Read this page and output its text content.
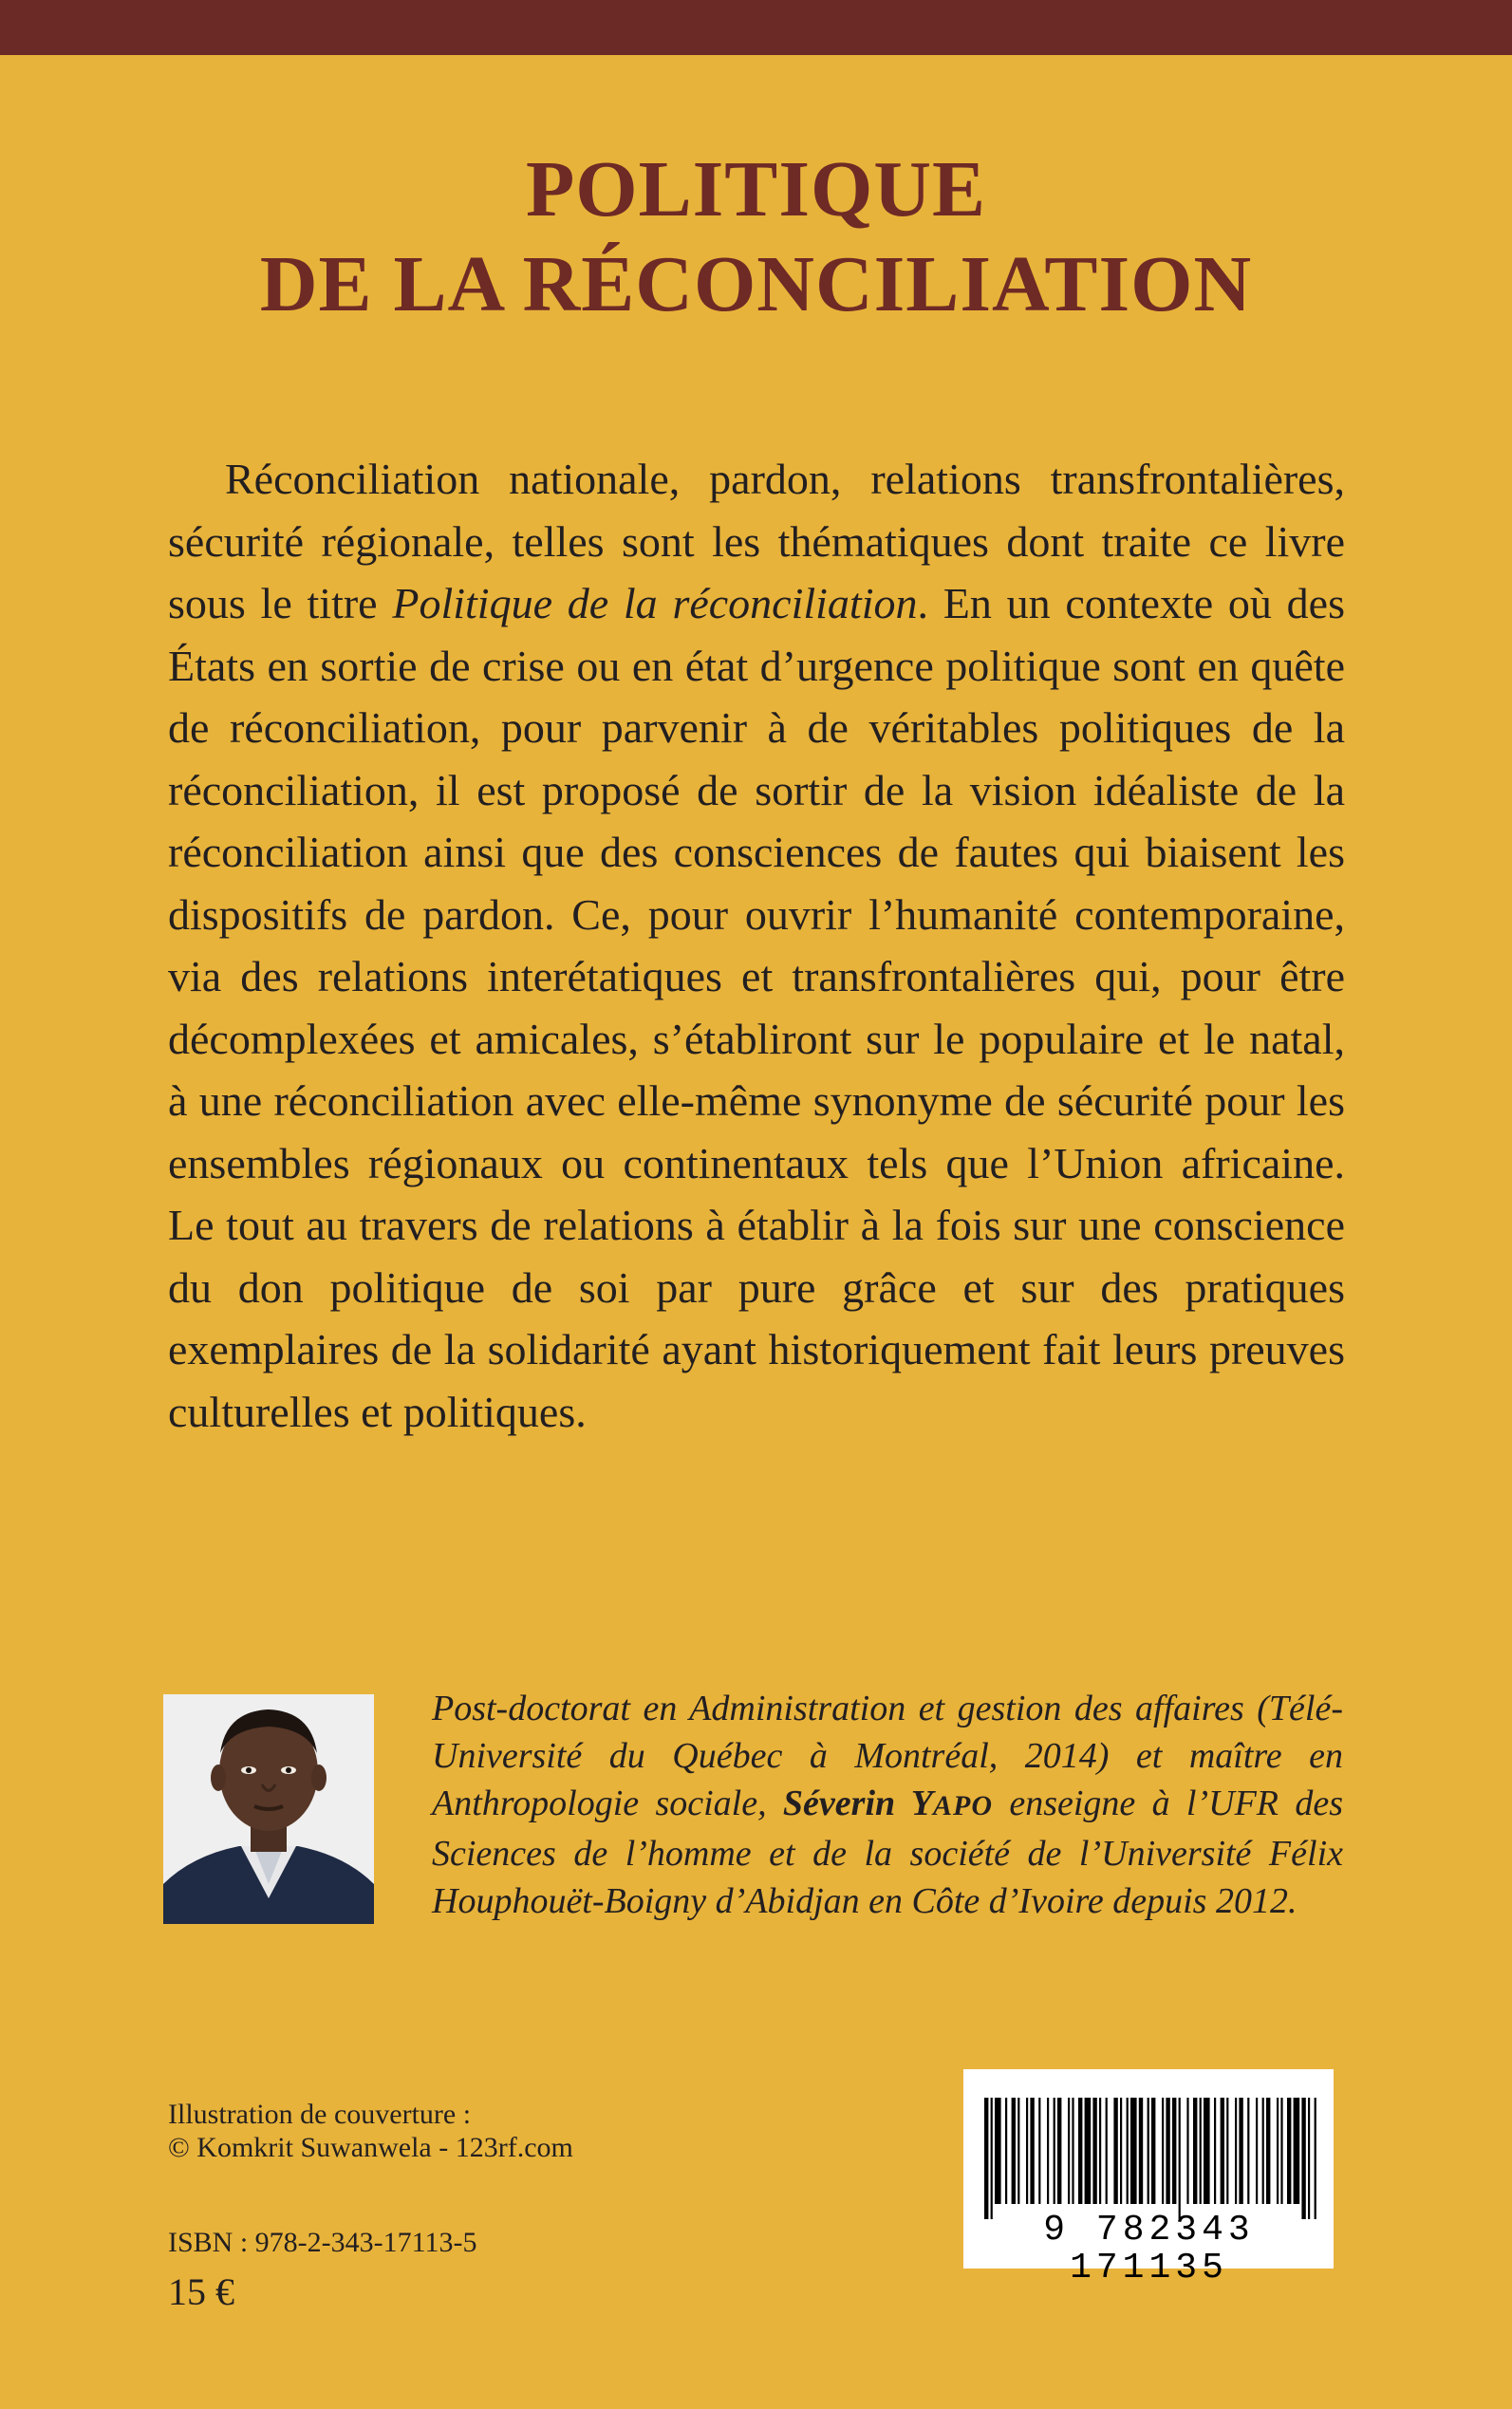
POLITIQUE
DE LA RÉCONCILIATION

Réconciliation nationale, pardon, relations transfrontalières, sécurité régionale, telles sont les thématiques dont traite ce livre sous le titre Politique de la réconciliation. En un contexte où des États en sortie de crise ou en état d’urgence politique sont en quête de réconciliation, pour parvenir à de véritables politiques de la réconciliation, il est proposé de sortir de la vision idéaliste de la réconciliation ainsi que des consciences de fautes qui biaisent les dispositifs de pardon. Ce, pour ouvrir l’humanité contemporaine, via des relations interétatiques et transfrontalières qui, pour être décomplexées et amicales, s’établiront sur le populaire et le natal, à une réconciliation avec elle-même synonyme de sécurité pour les ensembles régionaux ou continentaux tels que l’Union africaine. Le tout au travers de relations à établir à la fois sur une conscience du don politique de soi par pure grâce et sur des pratiques exemplaires de la solidarité ayant historiquement fait leurs preuves culturelles et politiques.

Post-doctorat en Administration et gestion des affaires (Télé-Université du Québec à Montréal, 2014) et maître en Anthropologie sociale, Séverin YAPO enseigne à l’UFR des Sciences de l’homme et de la société de l’Université Félix Houphouët-Boigny d’Abidjan en Côte d’Ivoire depuis 2012.

Illustration de couverture :
© Komkrit Suwanwela - 123rf.com
ISBN : 978-2-343-17113-5
15 €
9 782343 171135
